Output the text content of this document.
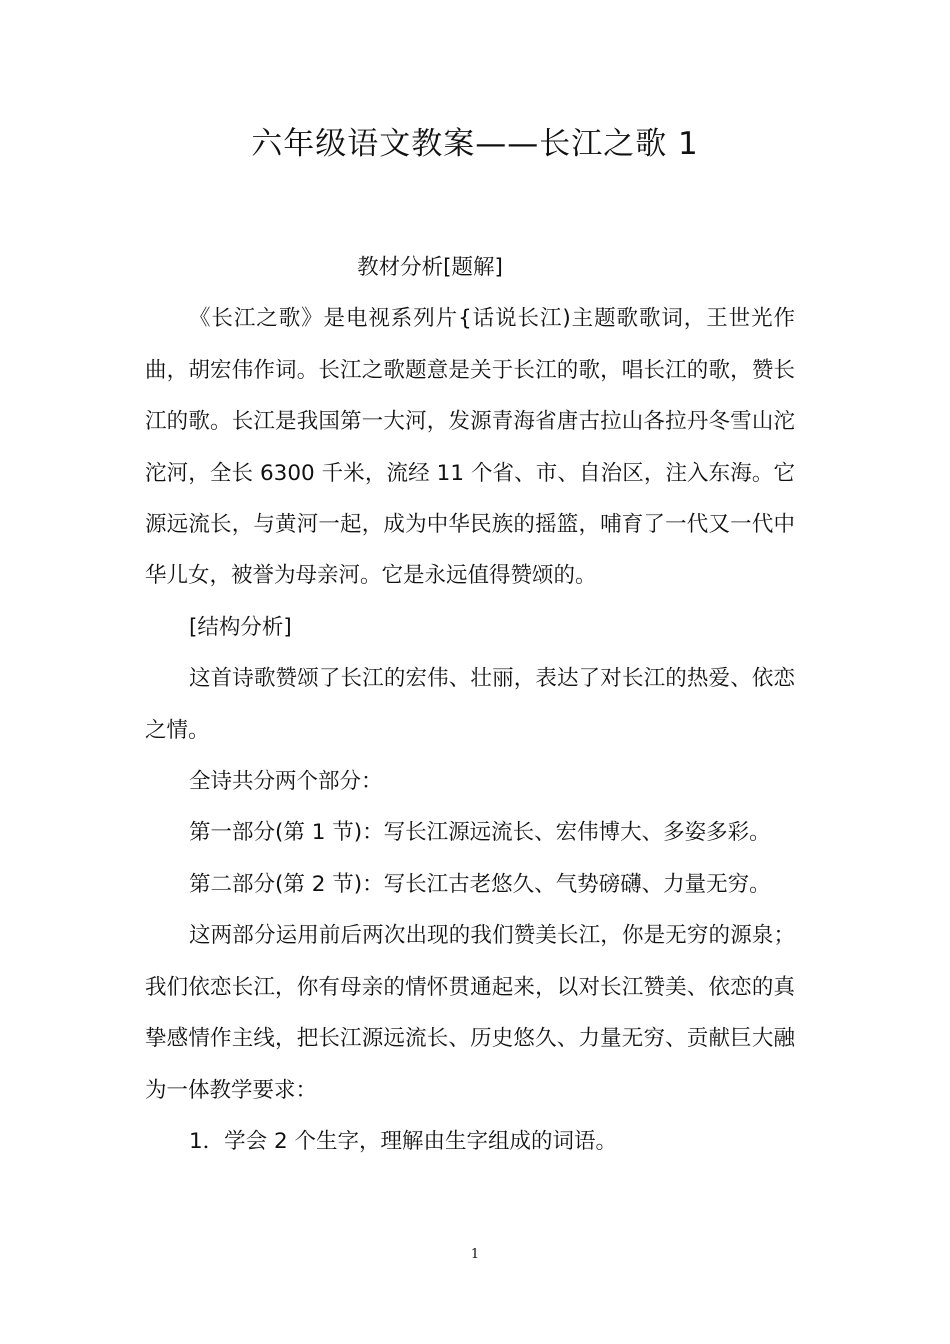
六年级语文教案——长江之歌 1

教材分析[题解]

《长江之歌》是电视系列片{话说长江)主题歌歌词，王世光作曲，胡宏伟作词。长江之歌题意是关于长江的歌，唱长江的歌，赞长江的歌。长江是我国第一大河，发源青海省唐古拉山各拉丹冬雪山沱沱河，全长 6300 千米，流经 11 个省、市、自治区，注入东海。它源远流长，与黄河一起，成为中华民族的摇篮，哺育了一代又一代中华儿女，被誉为母亲河。它是永远值得赞颂的。

[结构分析]

这首诗歌赞颂了长江的宏伟、壮丽，表达了对长江的热爱、依恋之情。

全诗共分两个部分：

第一部分(第 1 节)：写长江源远流长、宏伟博大、多姿多彩。

第二部分(第 2 节)：写长江古老悠久、气势磅礴、力量无穷。

这两部分运用前后两次出现的我们赞美长江，你是无穷的源泉；我们依恋长江，你有母亲的情怀贯通起来，以对长江赞美、依恋的真挚感情作主线，把长江源远流长、历史悠久、力量无穷、贡献巨大融为一体教学要求：

1．学会 2 个生字，理解由生字组成的词语。

1
